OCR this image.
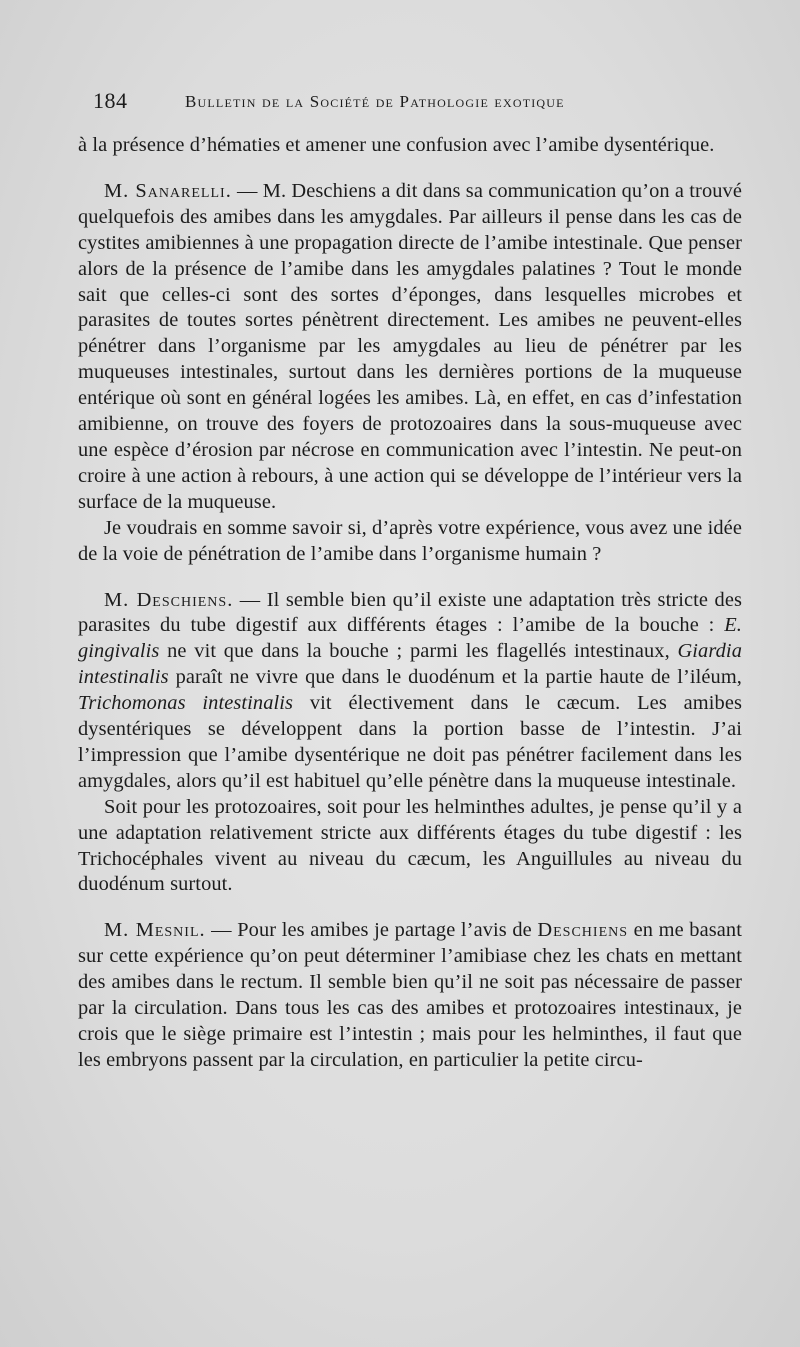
184	Bulletin de la Société de Pathologie exotique

à la présence d’hématies et amener une confusion avec l’amibe dysentérique.

M. Sanarelli. — M. Deschiens a dit dans sa communication qu’on a trouvé quelquefois des amibes dans les amygdales. Par ailleurs il pense dans les cas de cystites amibiennes à une propagation directe de l’amibe intestinale. Que penser alors de la présence de l’amibe dans les amygdales palatines ? Tout le monde sait que celles-ci sont des sortes d’éponges, dans lesquelles microbes et parasites de toutes sortes pénètrent directement. Les amibes ne peuvent-elles pénétrer dans l’organisme par les amygdales au lieu de pénétrer par les muqueuses intestinales, surtout dans les dernières portions de la muqueuse entérique où sont en général logées les amibes. Là, en effet, en cas d’infestation amibienne, on trouve des foyers de protozoaires dans la sous-muqueuse avec une espèce d’érosion par nécrose en communication avec l’intestin. Ne peut-on croire à une action à rebours, à une action qui se développe de l’intérieur vers la surface de la muqueuse.

Je voudrais en somme savoir si, d’après votre expérience, vous avez une idée de la voie de pénétration de l’amibe dans l’organisme humain ?

M. Deschiens. — Il semble bien qu’il existe une adaptation très stricte des parasites du tube digestif aux différents étages : l’amibe de la bouche : E. gingivalis ne vit que dans la bouche ; parmi les flagellés intestinaux, Giardia intestinalis paraît ne vivre que dans le duodénum et la partie haute de l’iléum, Trichomonas intestinalis vit électivement dans le cæcum. Les amibes dysentériques se développent dans la portion basse de l’intestin. J’ai l’impression que l’amibe dysentérique ne doit pas pénétrer facilement dans les amygdales, alors qu’il est habituel qu’elle pénètre dans la muqueuse intestinale.

Soit pour les protozoaires, soit pour les helminthes adultes, je pense qu’il y a une adaptation relativement stricte aux différents étages du tube digestif : les Trichocéphales vivent au niveau du cæcum, les Anguillules au niveau du duodénum surtout.

M. Mesnil. — Pour les amibes je partage l’avis de Deschiens en me basant sur cette expérience qu’on peut déterminer l’amibiase chez les chats en mettant des amibes dans le rectum. Il semble bien qu’il ne soit pas nécessaire de passer par la circulation. Dans tous les cas des amibes et protozoaires intestinaux, je crois que le siège primaire est l’intestin ; mais pour les helminthes, il faut que les embryons passent par la circulation, en particulier la petite circu-
